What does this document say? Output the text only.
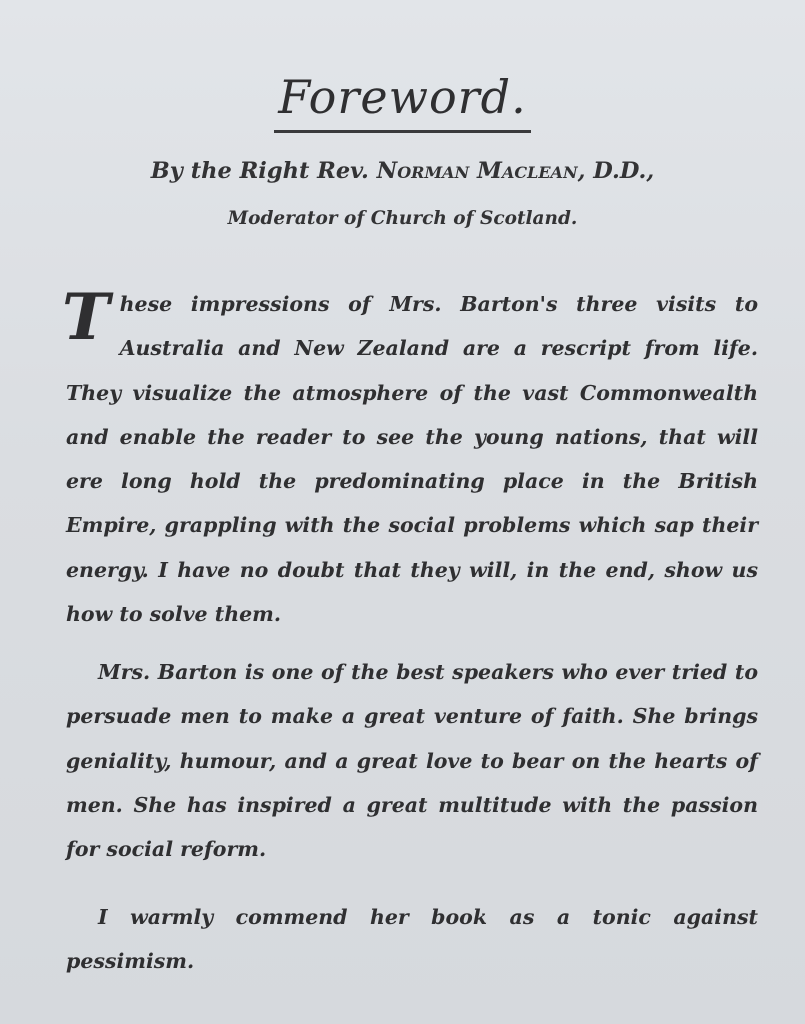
Foreword.
By the Right Rev. Norman Maclean, D.D.,
Moderator of Church of Scotland.
These impressions of Mrs. Barton's three visits to Australia and New Zealand are a rescript from life. They visualize the atmosphere of the vast Commonwealth and enable the reader to see the young nations, that will ere long hold the predominating place in the British Empire, grappling with the social problems which sap their energy. I have no doubt that they will, in the end, show us how to solve them.
Mrs. Barton is one of the best speakers who ever tried to persuade men to make a great venture of faith. She brings geniality, humour, and a great love to bear on the hearts of men. She has inspired a great multitude with the passion for social reform.
I warmly commend her book as a tonic against pessimism.
